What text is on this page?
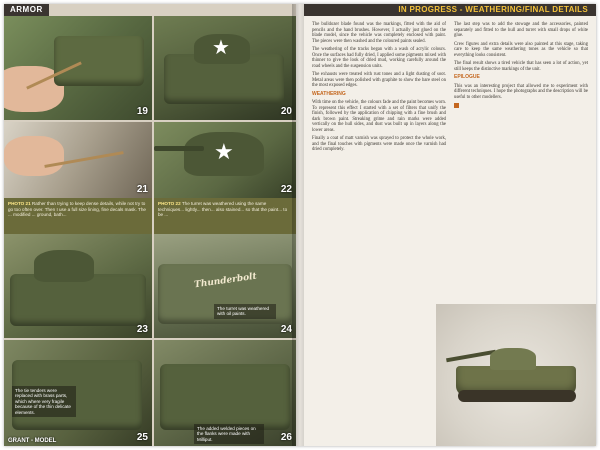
ARMOR
19
★
20
21
★
22
PHOTO 21 Rather than trying to keep dense details, while not try to go too often over. Then I use a full size lining, fine decals mask. The ... modified ... ground, bath...
PHOTO 22 The turret was weathered using the same techniques... lightly... then... also stained... so that the paint... to be ...
23
Thunderbolt
The turret was weathered with oil paints.
24
The tie tenders were replaced with brass parts, which where very fragile because of the thin delicate elements.
25
The added welded pieces on the flanks were made with Milliput.	26
GRANT - MODEL
IN PROGRESS - WEATHERING/FINAL DETAILS

The bulldozer blade found was the markings, fitted with the aid of pencils and the hand brushes. However, I actually just glued on the blade model, since the vehicle was completely enclosed with paint. The pieces were then washed and the coloured paints sealed.

The weathering of the tracks began with a wash of acrylic colours. Once the surfaces had fully dried, I applied some pigments mixed with thinner to give the look of dried mud, working carefully around the road wheels and the suspension units.

The exhausts were treated with rust tones and a light dusting of soot. Metal areas were then polished with graphite to show the bare steel on the most exposed edges.

WEATHERING

With time on the vehicle, the colours fade and the paint becomes worn. To represent this effect I started with a set of filters that unify the finish, followed by the application of chipping with a fine brush and dark brown paint. Streaking grime and rain marks were added vertically on the hull sides, and dust was built up in layers along the lower areas.

Finally a coat of matt varnish was sprayed to protect the whole work, and the final touches with pigments were made once the varnish had dried completely.

The last step was to add the stowage and the accessories, painted separately and fitted to the hull and turret with small drops of white glue.

Crew figures and extra details were also painted at this stage, taking care to keep the same weathering tones as the vehicle so that everything looks consistent.

The final result shows a tired vehicle that has seen a lot of action, yet still keeps the distinctive markings of the unit.

EPILOGUE

This was an interesting project that allowed me to experiment with different techniques. I hope the photographs and the description will be useful to other modellers.
